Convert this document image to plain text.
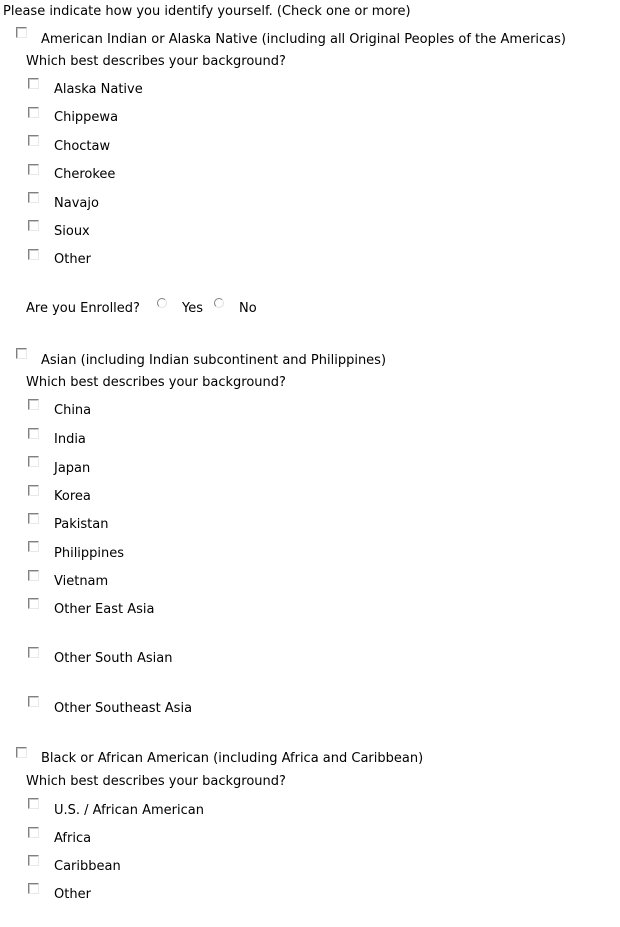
Please indicate how you identify yourself. (Check one or more)
American Indian or Alaska Native (including all Original Peoples of the Americas)
Which best describes your background?
Alaska Native
Chippewa
Choctaw
Cherokee
Navajo
Sioux
Other
Are you Enrolled?	Yes	No
Asian (including Indian subcontinent and Philippines)
Which best describes your background?
China
India
Japan
Korea
Pakistan
Philippines
Vietnam
Other East Asia
Other South Asian
Other Southeast Asia
Black or African American (including Africa and Caribbean)
Which best describes your background?
U.S. / African American
Africa
Caribbean
Other
